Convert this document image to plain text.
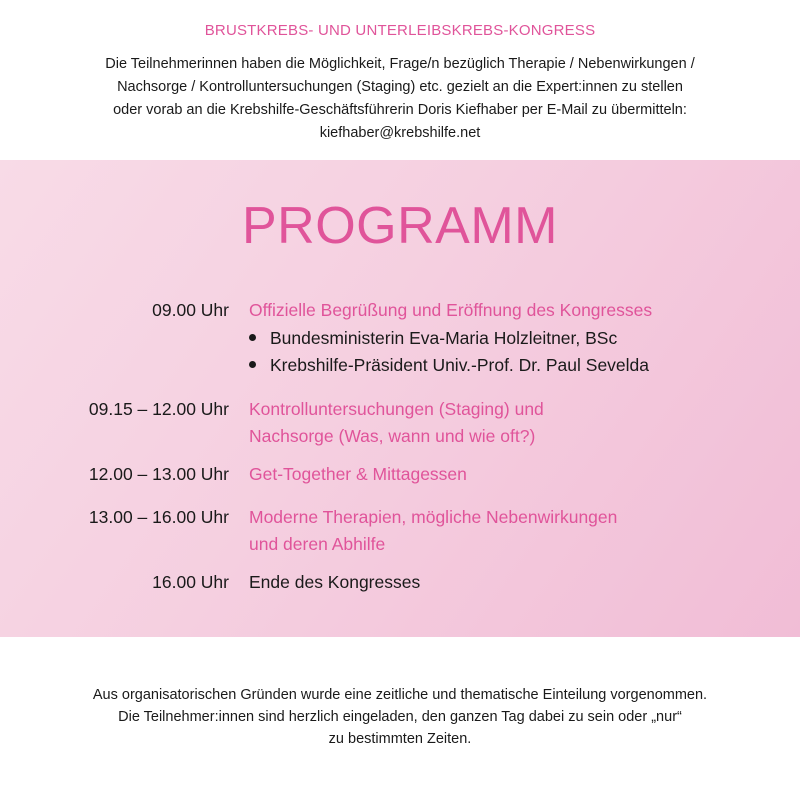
BRUSTKREBS- UND UNTERLEIBSKREBS-KONGRESS
Die Teilnehmerinnen haben die Möglichkeit, Frage/n bezüglich Therapie / Nebenwirkungen /
Nachsorge / Kontrolluntersuchungen (Staging) etc. gezielt an die Expert:innen zu stellen
oder vorab an die Krebshilfe-Geschäftsführerin Doris Kiefhaber per E-Mail zu übermitteln:
kiefhaber@krebshilfe.net
PROGRAMM
09.00 Uhr Offizielle Begrüßung und Eröffnung des Kongresses
Bundesministerin Eva-Maria Holzleitner, BSc
Krebshilfe-Präsident Univ.-Prof. Dr. Paul Sevelda
09.15 – 12.00 Uhr Kontrolluntersuchungen (Staging) und
Nachsorge (Was, wann und wie oft?)
12.00 – 13.00 Uhr Get-Together & Mittagessen
13.00 – 16.00 Uhr Moderne Therapien, mögliche Nebenwirkungen
und deren Abhilfe
16.00 Uhr Ende des Kongresses
Aus organisatorischen Gründen wurde eine zeitliche und thematische Einteilung vorgenommen.
Die Teilnehmer:innen sind herzlich eingeladen, den ganzen Tag dabei zu sein oder „nur“
zu bestimmten Zeiten.
